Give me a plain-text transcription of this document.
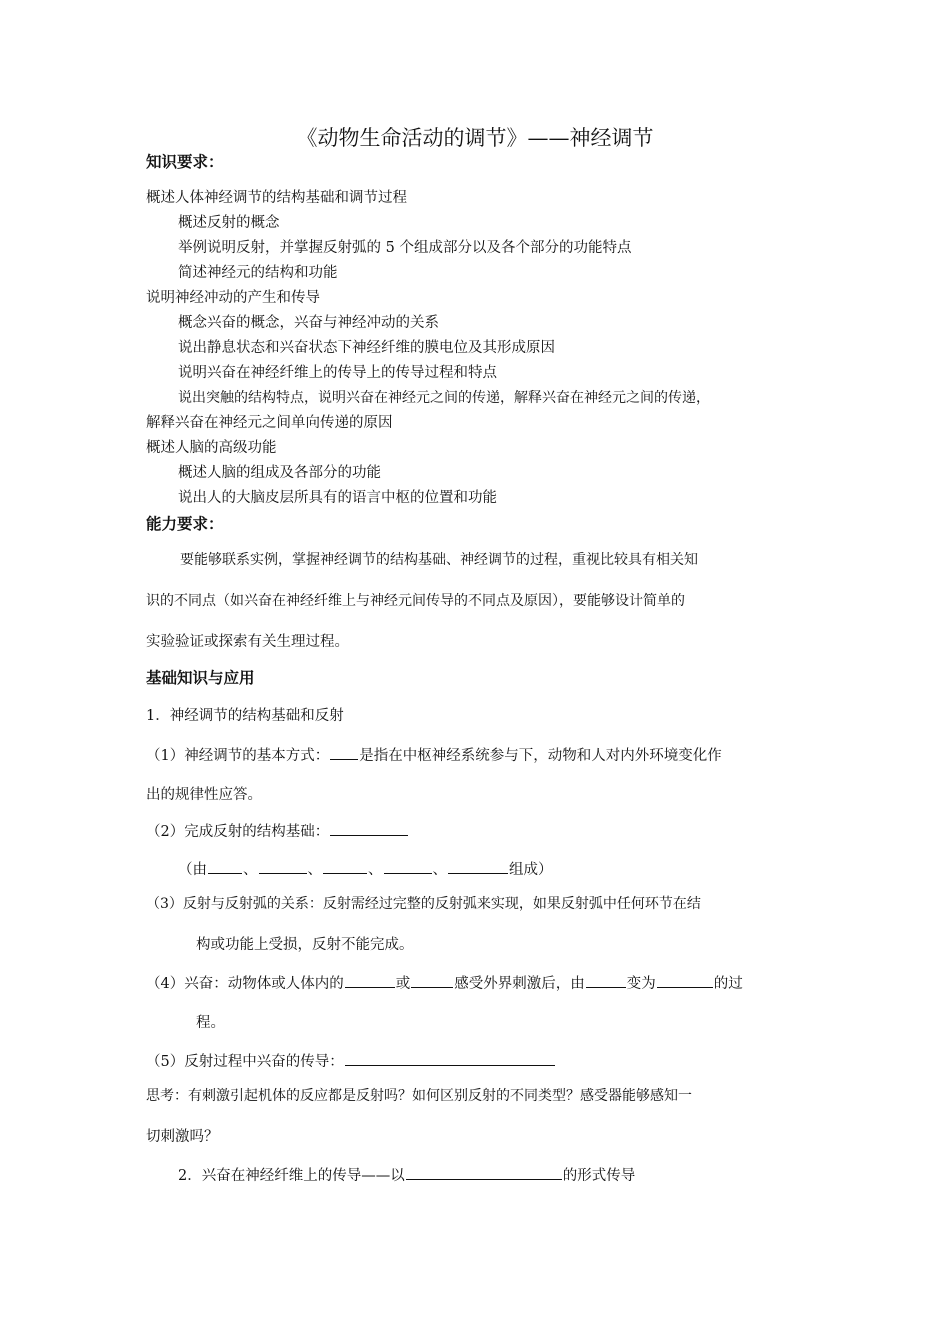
《动物生命活动的调节》——神经调节
知识要求：
概述人体神经调节的结构基础和调节过程
概述反射的概念
举例说明反射，并掌握反射弧的 5 个组成部分以及各个部分的功能特点
简述神经元的结构和功能
说明神经冲动的产生和传导
概念兴奋的概念，兴奋与神经冲动的关系
说出静息状态和兴奋状态下神经纤维的膜电位及其形成原因
说明兴奋在神经纤维上的传导上的传导过程和特点
说出突触的结构特点，说明兴奋在神经元之间的传递，解释兴奋在神经元之间的传递，
解释兴奋在神经元之间单向传递的原因
概述人脑的高级功能
概述人脑的组成及各部分的功能
说出人的大脑皮层所具有的语言中枢的位置和功能
能力要求：
要能够联系实例，掌握神经调节的结构基础、神经调节的过程，重视比较具有相关知
识的不同点（如兴奋在神经纤维上与神经元间传导的不同点及原因），要能够设计简单的
实验验证或探索有关生理过程。
基础知识与应用
1．神经调节的结构基础和反射
（1）神经调节的基本方式： 是指在中枢神经系统参与下，动物和人对内外环境变化作
出的规律性应答。
（2）完成反射的结构基础：
（由 、	、	、	、	组成）
（3）反射与反射弧的关系：反射需经过完整的反射弧来实现，如果反射弧中任何环节在结
构或功能上受损，反射不能完成。
（4）兴奋：动物体或人体内的	或	感受外界刺激后，由	变为	的过
程。
（5）反射过程中兴奋的传导：
思考：有刺激引起机体的反应都是反射吗？如何区别反射的不同类型？感受器能够感知一
切刺激吗？
2．兴奋在神经纤维上的传导——以	的形式传导
